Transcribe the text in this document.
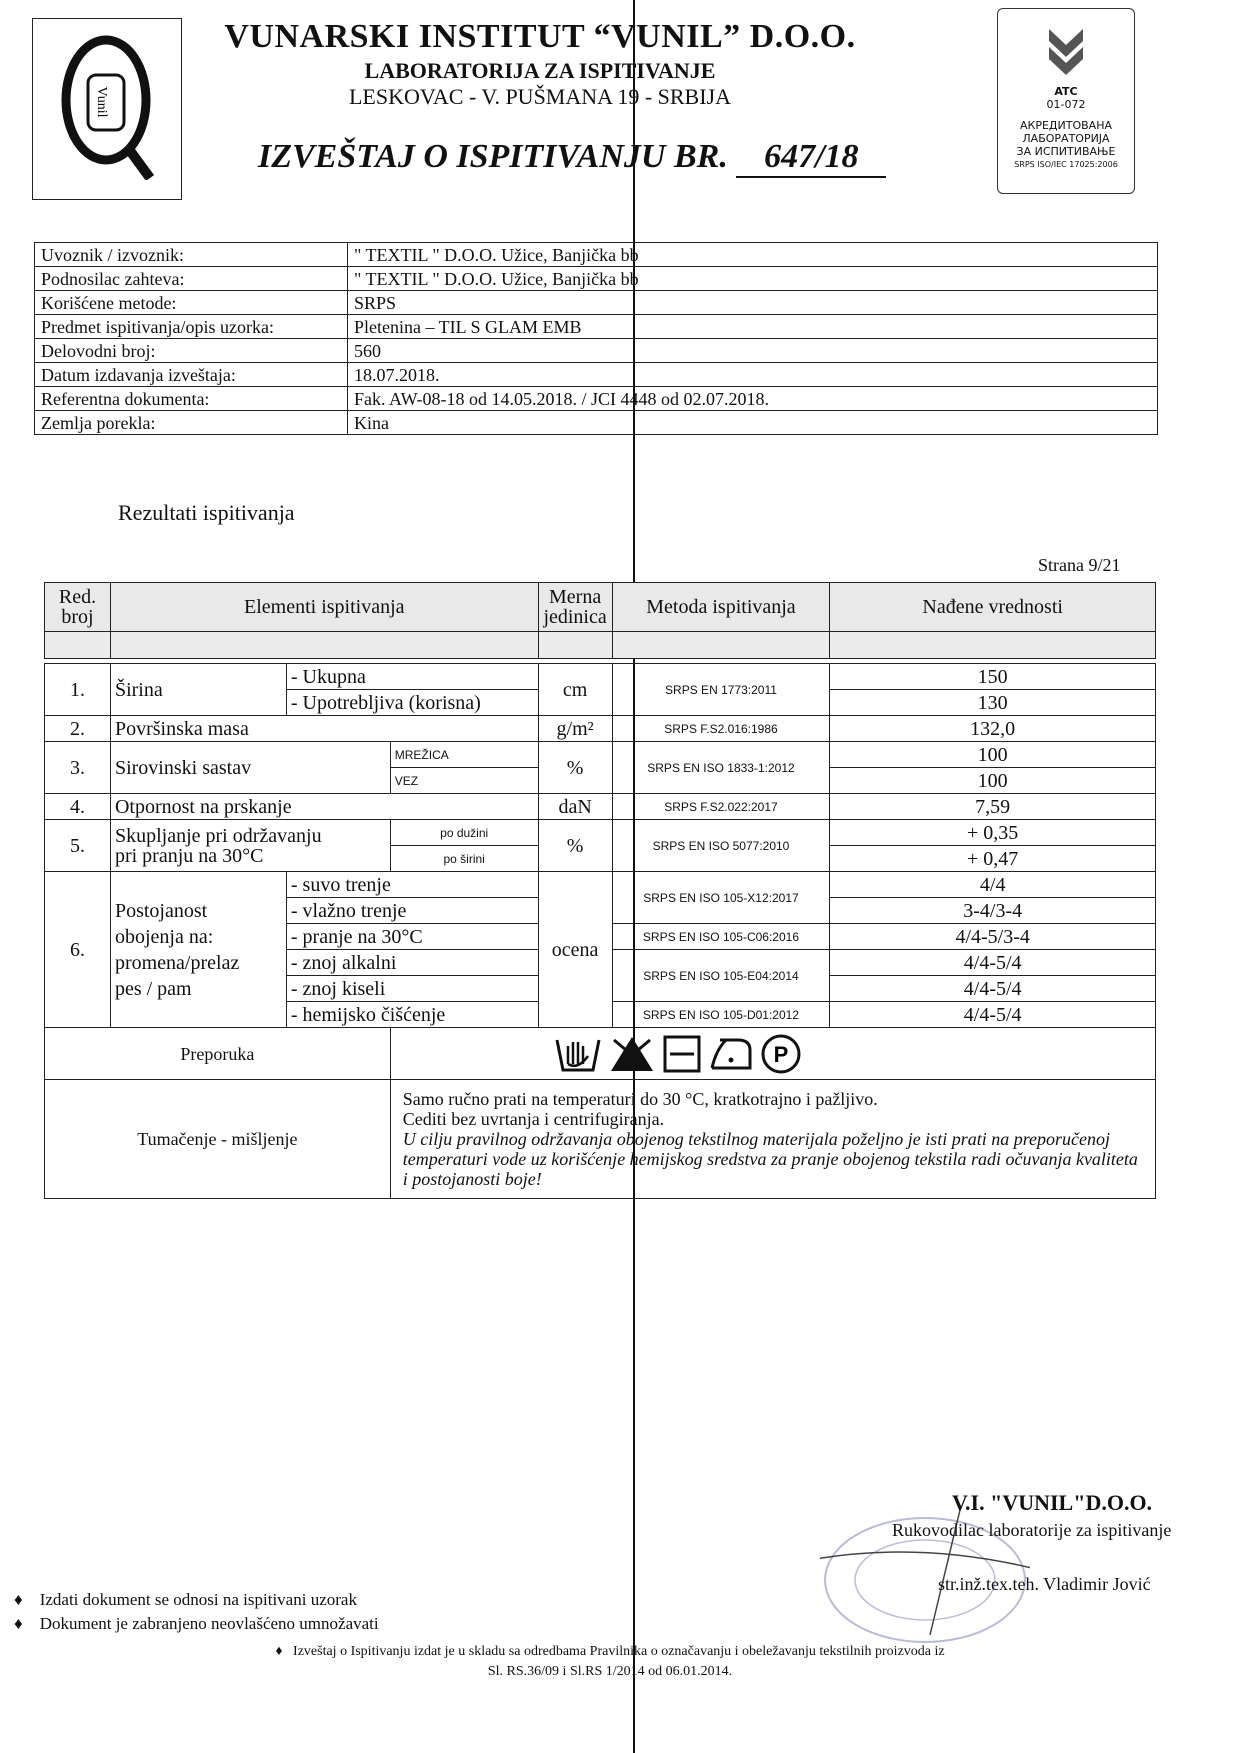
Vunil
VUNARSKI INSTITUT “VUNIL” D.O.O.
LABORATORIJA ZA ISPITIVANJE
LESKOVAC - V. PUŠMANA 19 - SRBIJA
IZVEŠTAJ O ISPITIVANJU BR. 647/18
ATC
01-072
АКРЕДИТОВАНА
ЛАБОРАТОРИЈА
ЗА ИСПИТИВАЊЕ
SRPS ISO/IEC 17025:2006
Uvoznik / izvoznik:	" TEXTIL " D.O.O. Užice, Banjička bb
Podnosilac zahteva:	" TEXTIL " D.O.O. Užice, Banjička bb
Korišćene metode:	SRPS
Predmet ispitivanja/opis uzorka:	Pletenina – TIL S GLAM EMB
Delovodni broj:	560
Datum izdavanja izveštaja:	18.07.2018.
Referentna dokumenta:	Fak. AW-08-18 od 14.05.2018. / JCI 4448 od 02.07.2018.
Zemlja porekla:	Kina
Rezultati ispitivanja
Strana 9/21
Red. broj	Elementi ispitivanja			Merna jedinica	Metoda ispitivanja	Nađene vrednosti

1.	Širina	- Ukupna		cm	SRPS EN 1773:2011	150
		- Upotrebljiva (korisna)				130
2.	Površinska masa			g/m²	SRPS F.S2.016:1986	132,0
3.	Sirovinski sastav		MREŽICA	%	SRPS EN ISO 1833-1:2012	100
			VEZ			100
4.	Otpornost na prskanje			daN	SRPS F.S2.022:2017	7,59
5.	Skupljanje pri održavanju
pri pranju na 30°C		po dužini	%	SRPS EN ISO 5077:2010	+ 0,35
			po širini			+ 0,47
6.	Postojanost
obojenja na:
promena/prelaz
pes / pam	- suvo trenje		ocena	SRPS EN ISO 105-X12:2017	4/4
		- vlažno trenje				3-4/3-4
		- pranje na 30°C			SRPS EN ISO 105-C06:2016	4/4-5/3-4
		- znoj alkalni			SRPS EN ISO 105-E04:2014	4/4-5/4
		- znoj kiseli				4/4-5/4
		- hemijsko čišćenje			SRPS EN ISO 105-D01:2012	4/4-5/4
Preporuka			P			

Tumačenje - mišljenje			Samo ručno prati na temperaturi do 30 °C, kratkotrajno i pažljivo.
Cediti bez uvrtanja i centrifugiranja.
U cilju pravilnog održavanja obojenog tekstilnog materijala poželjno je isti prati na preporučenoj temperaturi vode uz korišćenje hemijskog sredstva za pranje obojenog tekstila radi očuvanja kvaliteta i postojanosti boje!			
V.I. "VUNIL"D.O.O.
Rukovodilac laboratorije za ispitivanje
str.inž.tex.teh. Vladimir Jović
♦ Izdati dokument se odnosi na ispitivani uzorak
♦ Dokument je zabranjeno neovlašćeno umnožavati
♦ Izveštaj o Ispitivanju izdat je u skladu sa odredbama Pravilnika o označavanju i obeležavanju tekstilnih proizvoda iz
Sl. RS.36/09 i Sl.RS 1/2014 od 06.01.2014.
